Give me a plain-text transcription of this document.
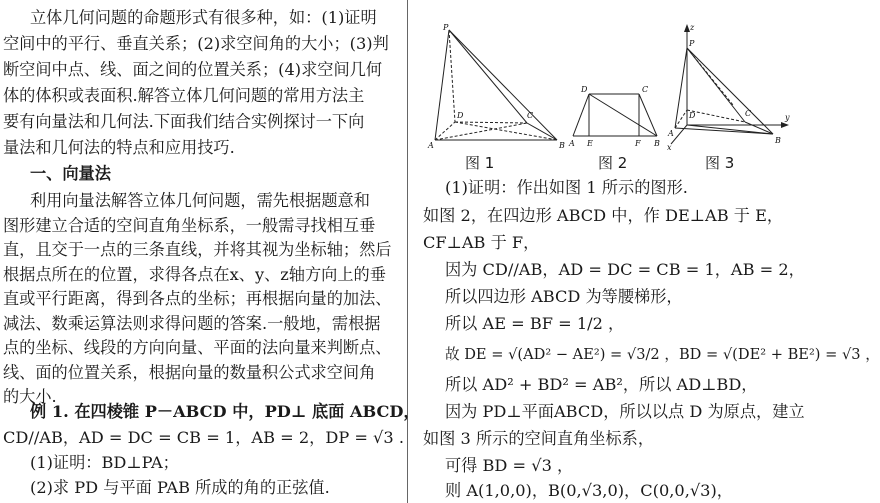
立体几何问题的命题形式有很多种，如：(1)证明
空间中的平行、垂直关系；(2)求空间角的大小；(3)判
断空间中点、线、面之间的位置关系；(4)求空间几何
体的体积或表面积.解答立体几何问题的常用方法主
要有向量法和几何法.下面我们结合实例探讨一下向
量法和几何法的特点和应用技巧.
一、向量法
利用向量法解答立体几何问题，需先根据题意和
图形建立合适的空间直角坐标系，一般需寻找相互垂
直，且交于一点的三条直线，并将其视为坐标轴；然后
根据点所在的位置，求得各点在x、y、z轴方向上的垂
直或平行距离，得到各点的坐标；再根据向量的加法、
减法、数乘运算法则求得问题的答案.一般地，需根据
点的坐标、线段的方向向量、平面的法向量来判断点、
线、面的位置关系，根据向量的数量积公式求空间角
的大小.
例 1. 在四棱锥 P－ABCD 中，PD⊥ 底面 ABCD，
CD//AB，AD = DC = CB = 1，AB = 2，DP = √3 .
(1)证明：BD⊥PA；
(2)求 PD 与平面 PAB 所成的角的正弦值.
P
D	C
A	B
D	C
A E	F B
z
P
D	y
C
A
B
x
图 1	图 2	图 3
(1)证明：作出如图 1 所示的图形.
如图 2，在四边形 ABCD 中，作 DE⊥AB 于 E，
CF⊥AB 于 F，
因为 CD//AB，AD = DC = CB = 1，AB = 2，
所以四边形 ABCD 为等腰梯形，
所以 AE = BF = 1/2 ，
故 DE = √(AD² − AE²) = √3/2 ，BD = √(DE² + BE²) = √3 ，
所以 AD² + BD² = AB²，所以 AD⊥BD，
因为 PD⊥平面ABCD，所以以点 D 为原点，建立
如图 3 所示的空间直角坐标系，
可得 BD = √3 ，
则 A(1,0,0)，B(0,√3,0)，C(0,0,√3)，
